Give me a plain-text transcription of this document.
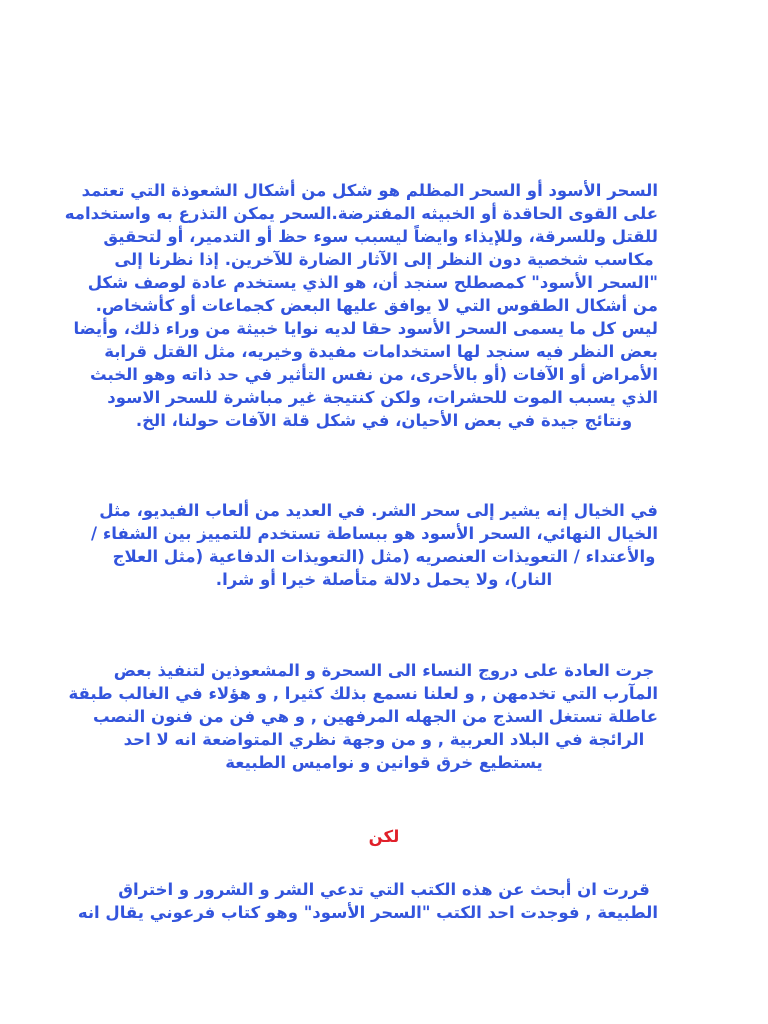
السحر الأسود أو السحر المظلم هو شكل من أشكال الشعوذة التي تعتمد
على القوى الحاقدة أو الخبيثه المفترضة.السحر يمكن التذرع به واستخدامه
للقتل وللسرقة، وللإيذاء وايضاً ليسبب سوء حظ أو التدمير، أو لتحقيق
مكاسب شخصية دون النظر إلى الآثار الضارة للآخرين. إذا نظرنا إلى
"السحر الأسود" كمصطلح سنجد أن، هو الذي يستخدم عادة لوصف شكل
من أشكال الطقوس التي لا يوافق عليها البعض كجماعات أو كأشخاص.
ليس كل ما يسمى السحر الأسود حقا لديه نوايا خبيثة من وراء ذلك، وأيضا
بعض النظر فيه سنجد لها استخدامات مفيدة وخيريه، مثل القتل قرابة
الأمراض أو الآفات (أو بالأحرى، من نفس التأثير في حد ذاته وهو الخبث
الذي يسبب الموت للحشرات، ولكن كنتيجة غير مباشرة للسحر الاسود
ونتائج جيدة في بعض الأحيان، في شكل قلة الآفات حولنا، الخ.
في الخيال إنه يشير إلى سحر الشر. في العديد من ألعاب الفيديو، مثل
الخيال النهائي، السحر الأسود هو ببساطة تستخدم للتمييز بين الشفاء /
والأعتداء / التعويذات العنصريه (مثل (التعويذات الدفاعية (مثل العلاج
النار)، ولا يحمل دلالة متأصلة خيرا أو شرا.
جرت العادة على دروج النساء الى السحرة و المشعوذين لتنفيذ بعض
المآرب التي تخدمهن , و لعلنا نسمع بذلك كثيرا , و هؤلاء في الغالب طبقة
عاطلة تستغل السذج من الجهله المرفهين , و هي فن من فنون النصب
الرائجة في البلاد العربية , و من وجهة نظري المتواضعة انه لا احد
يستطيع خرق قوانين و نواميس الطبيعة
لكن
قررت ان أبحث عن هذه الكتب التي تدعي الشر و الشرور و اختراق
الطبيعة , فوجدت احد الكتب "السحر الأسود" وهو كتاب فرعوني يقال انه
